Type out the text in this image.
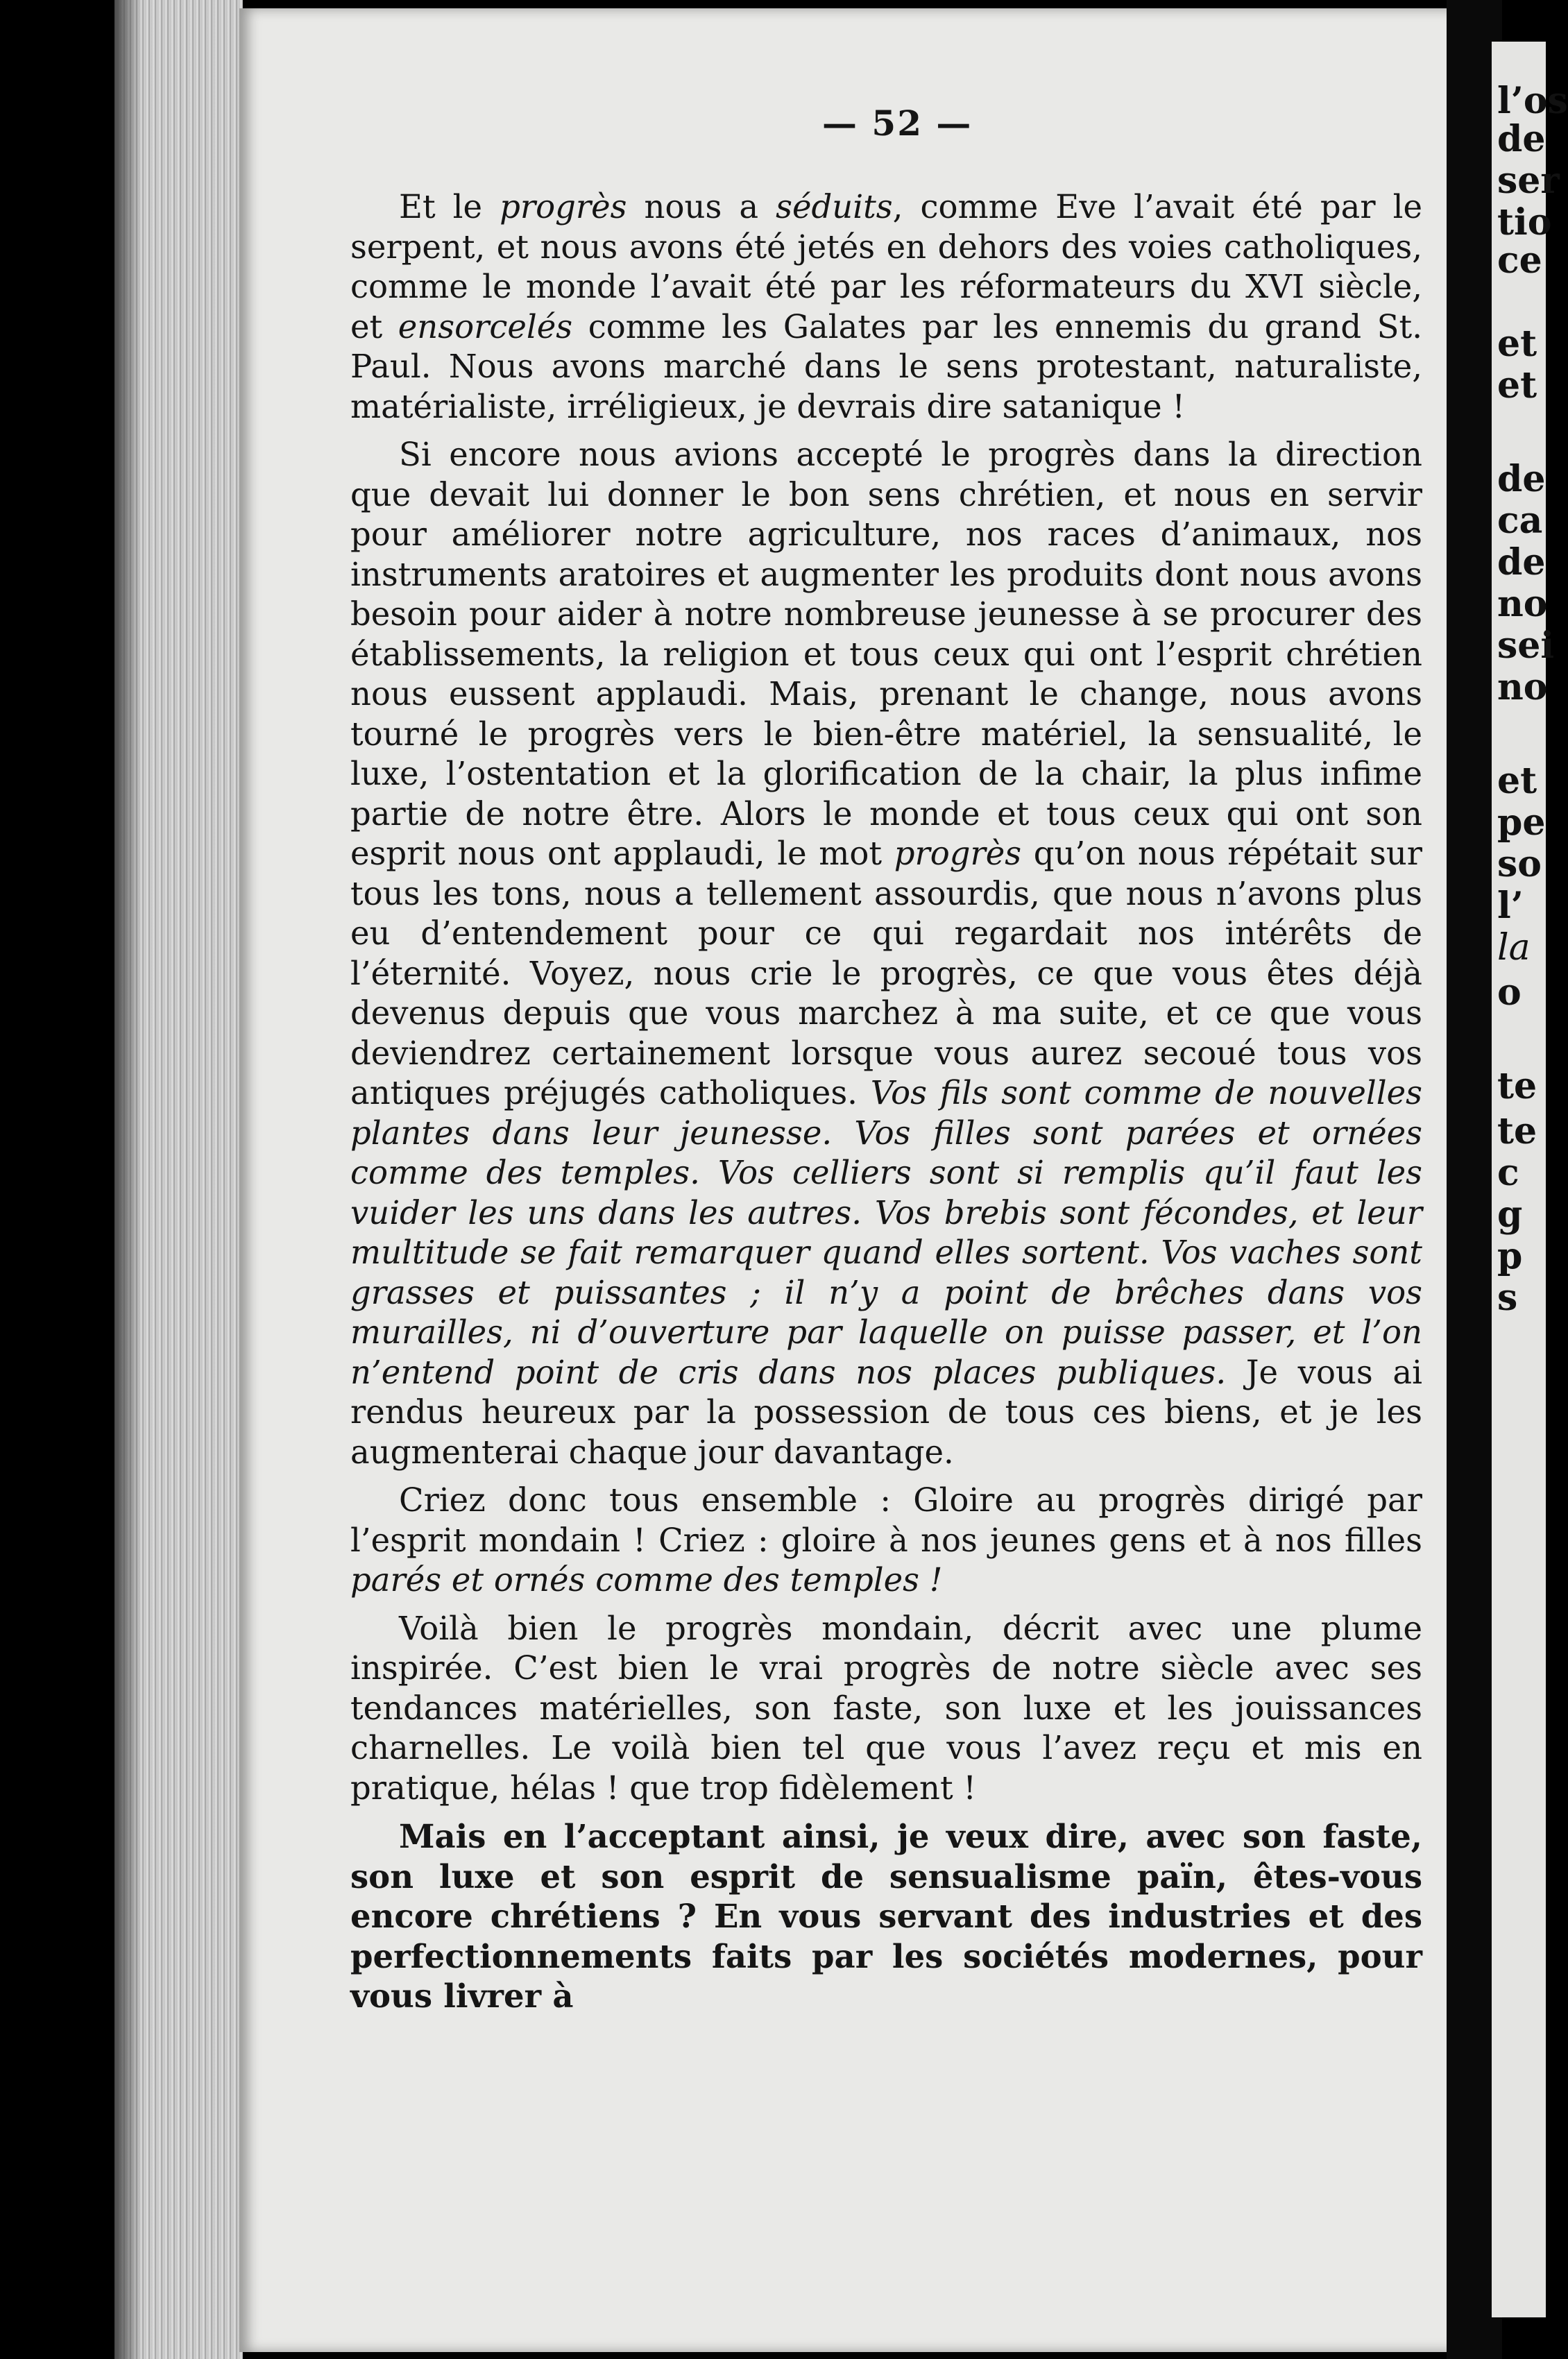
— 52 —

Et le progrès nous a séduits, comme Eve l’avait été par le serpent, et nous avons été jetés en dehors des voies catholiques, comme le monde l’avait été par les réformateurs du XVI siècle, et ensorcelés comme les Galates par les ennemis du grand St. Paul. Nous avons marché dans le sens protestant, naturaliste, matérialiste, irréligieux, je devrais dire satanique !

Si encore nous avions accepté le progrès dans la direction que devait lui donner le bon sens chrétien, et nous en servir pour améliorer notre agriculture, nos races d’animaux, nos instruments aratoires et augmenter les produits dont nous avons besoin pour aider à notre nombreuse jeunesse à se procurer des établissements, la religion et tous ceux qui ont l’esprit chrétien nous eussent applaudi. Mais, prenant le change, nous avons tourné le progrès vers le bien-être matériel, la sensualité, le luxe, l’ostentation et la glorification de la chair, la plus infime partie de notre être. Alors le monde et tous ceux qui ont son esprit nous ont applaudi, le mot progrès qu’on nous répétait sur tous les tons, nous a tellement assourdis, que nous n’avons plus eu d’entendement pour ce qui regardait nos intérêts de l’éternité. Voyez, nous crie le progrès, ce que vous êtes déjà devenus depuis que vous marchez à ma suite, et ce que vous deviendrez certainement lorsque vous aurez secoué tous vos antiques préjugés catholiques. Vos fils sont comme de nouvelles plantes dans leur jeunesse. Vos filles sont parées et ornées comme des temples. Vos celliers sont si remplis qu’il faut les vuider les uns dans les autres. Vos brebis sont fécondes, et leur multitude se fait remarquer quand elles sortent. Vos vaches sont grasses et puissantes ; il n’y a point de brêches dans vos murailles, ni d’ouverture par laquelle on puisse passer, et l’on n’entend point de cris dans nos places publiques. Je vous ai rendus heureux par la possession de tous ces biens, et je les augmenterai chaque jour davantage.

Criez donc tous ensemble : Gloire au progrès dirigé par l’esprit mondain ! Criez : gloire à nos jeunes gens et à nos filles parés et ornés comme des temples !

Voilà bien le progrès mondain, décrit avec une plume inspirée. C’est bien le vrai progrès de notre siècle avec ses tendances matérielles, son faste, son luxe et les jouissances charnelles. Le voilà bien tel que vous l’avez reçu et mis en pratique, hélas ! que trop fidèlement !

Mais en l’acceptant ainsi, je veux dire, avec son faste, son luxe et son esprit de sensualisme païn, êtes-vous encore chrétiens ? En vous servant des industries et des perfectionnements faits par les sociétés modernes, pour vous livrer à

l’os
de
ser
tio
ce
et
et
de
ca
de
no
sei
no
et
pe
so
l’
la
o
te
te
c
g
p
s
